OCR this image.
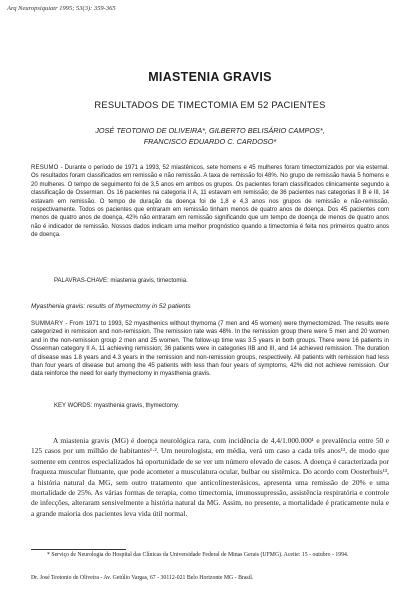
Arq Neuropsiquiatr 1995; 53(3): 359-365
MIASTENIA GRAVIS
RESULTADOS DE TIMECTOMIA EM 52 PACIENTES
JOSÉ TEOTONIO DE OLIVEIRA*, GILBERTO BELISÁRIO CAMPOS*,
FRANCISCO EDUARDO C. CARDOSO*
RESUMO - Durante o período de 1971 a 1993, 52 miastênicos, sete homens e 45 mulheres foram timectomizados por via esternal. Os resultados foram classificados em remissão e não remissão. A taxa de remissão foi 48%. No grupo de remissão havia 5 homens e 20 mulheres. O tempo de seguimento foi de 3,5 anos em ambos os grupos. Os pacientes foram classificados clinicamente segundo a classificação de Osserman. Os 16 pacientes na categoria II A, 11 estavam em remissão; de 36 pacientes nas categorias II B e III, 14 estavam em remissão. O tempo de duração da doença foi de 1,8 e 4,3 anos nos grupos de remissão e não-remissão, respectivamente. Todos os pacientes que entraram em remissão tinham menos de quatro anos de doença. Dos 45 pacientes com menos de quatro anos de doença, 42% não entraram em remissão significando que um tempo de doença de menos de quatro anos não é indicador de remissão. Nossos dados indicam uma melhor prognóstico quando a timectomia é feita nos primeiros quatro anos de doença.
PALAVRAS-CHAVE: miastenia gravis, timectomia.
Myasthenia gravis: results of thymectomy in 52 patients
SUMMARY - From 1971 to 1993, 52 myasthenics without thymoma (7 men and 45 women) were thymectomized. The results were categorized in remission and non-remission. The remission rate was 48%. In the remission group there were 5 men and 20 women and in the non-remission group 2 men and 25 women. The follow-up time was 3.5 years in both groups. There were 16 patients in Osserman category II A, 11 achieving remission; 36 patients were in categories IIB and III, and 14 achieved remission. The duration of disease was 1.8 years and 4.3 years in the remission and non-remission groups, respectively. All patients with remission had less than four years of disease but among the 45 patients with less than four years of symptoms, 42% did not achieve remission. Our data reinforce the need for early thymectomy in myasthenia gravis.
KEY WORDS: myasthenia gravis, thymectomy.
A miastenia gravis (MG) é doença neurológica rara, com incidência de 4,4/1.000.000¹ e prevalência entre 50 e 125 casos por um milhão de habitantes¹·². Um neurologista, em média, verá um caso a cada três anos¹³, de modo que somente em centros especializados há oportunidade de se ver um número elevado de casos. A doença é caracterizada por fraqueza muscular flutuante, que pode acometer a musculatura ocular, bulbar ou sistêmica. Do acordo com Oosterhuis¹³, a história natural da MG, sem outro tratamento que anticolinesterásicos, apresenta uma remissão de 20% e uma mortalidade de 25%. As várias formas de terapia, como timectomia, imunossupressão, assistência respiratória e controle de infecções, alteraram sensivelmente a história natural da MG. Assim, no presente, a mortalidade é praticamente nula e a grande maioria dos pacientes leva vida útil normal.
* Serviço de Neurologia do Hospital das Clínicas da Universidade Federal de Minas Gerais (UFMG). Aceite: 15 - outubro - 1994.
Dr. José Teotonio de Oliveira - Av. Getúlio Vargas, 67 - 30112-021 Belo Horizonte MG - Brasil.
